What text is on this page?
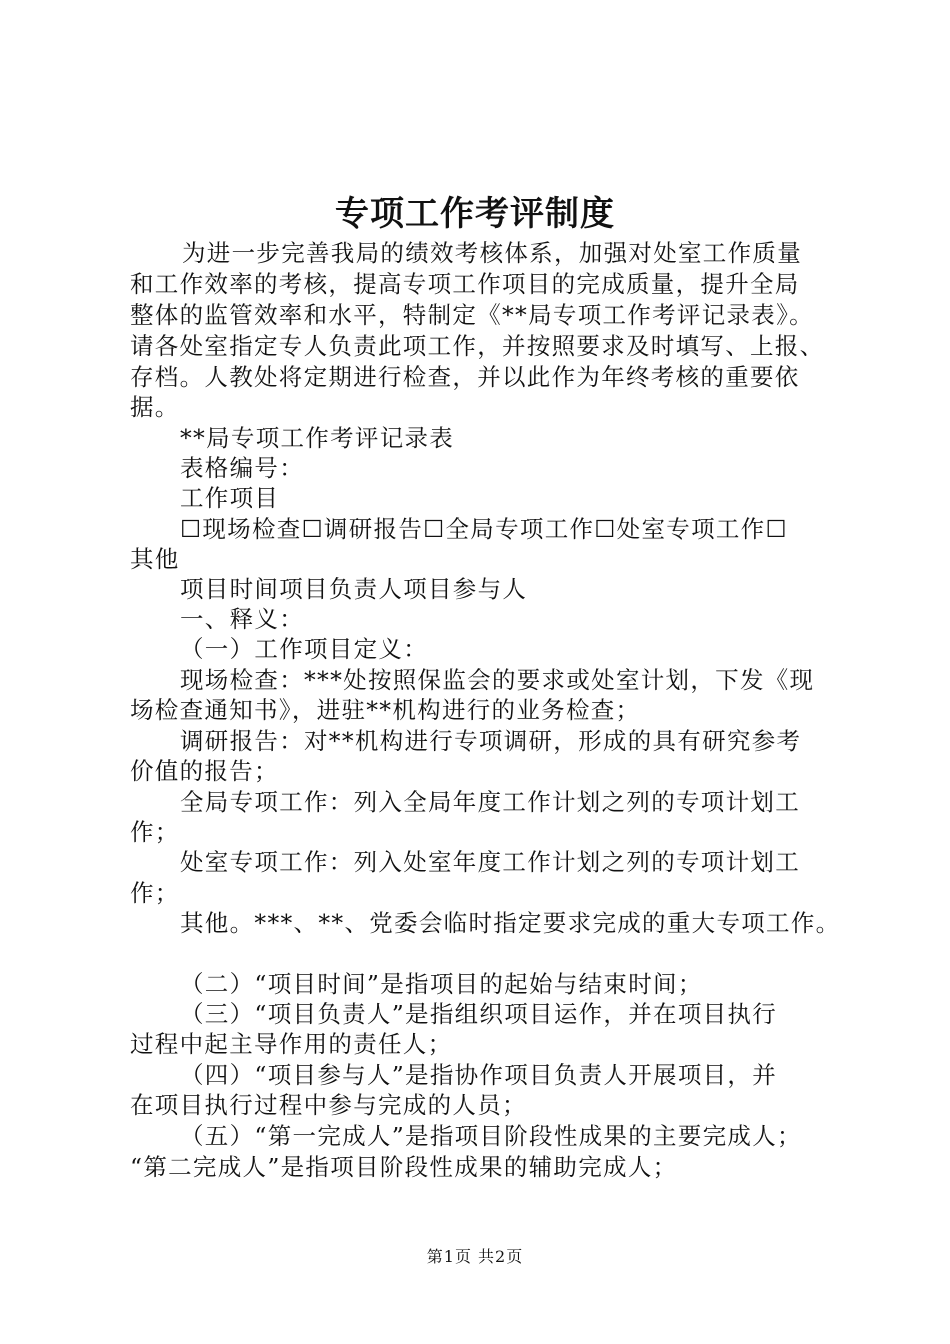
专项工作考评制度
为进一步完善我局的绩效考核体系，加强对处室工作质量
和工作效率的考核，提高专项工作项目的完成质量，提升全局
整体的监管效率和水平，特制定《**局专项工作考评记录表》。
请各处室指定专人负责此项工作，并按照要求及时填写、上报、
存档。人教处将定期进行检查，并以此作为年终考核的重要依
据。
**局专项工作考评记录表
表格编号：
工作项目
☐现场检查☐调研报告☐全局专项工作☐处室专项工作☐
其他
项目时间项目负责人项目参与人
一、释义：
（一）工作项目定义：
现场检查：***处按照保监会的要求或处室计划，下发《现
场检查通知书》，进驻**机构进行的业务检查；
调研报告：对**机构进行专项调研，形成的具有研究参考
价值的报告；
全局专项工作：列入全局年度工作计划之列的专项计划工
作；
处室专项工作：列入处室年度工作计划之列的专项计划工
作；
其他。***、**、党委会临时指定要求完成的重大专项工作。
（二）“项目时间”是指项目的起始与结束时间；
（三）“项目负责人”是指组织项目运作，并在项目执行
过程中起主导作用的责任人；
（四）“项目参与人”是指协作项目负责人开展项目，并
在项目执行过程中参与完成的人员；
（五）“第一完成人”是指项目阶段性成果的主要完成人；
“第二完成人”是指项目阶段性成果的辅助完成人；
第1页 共2页
